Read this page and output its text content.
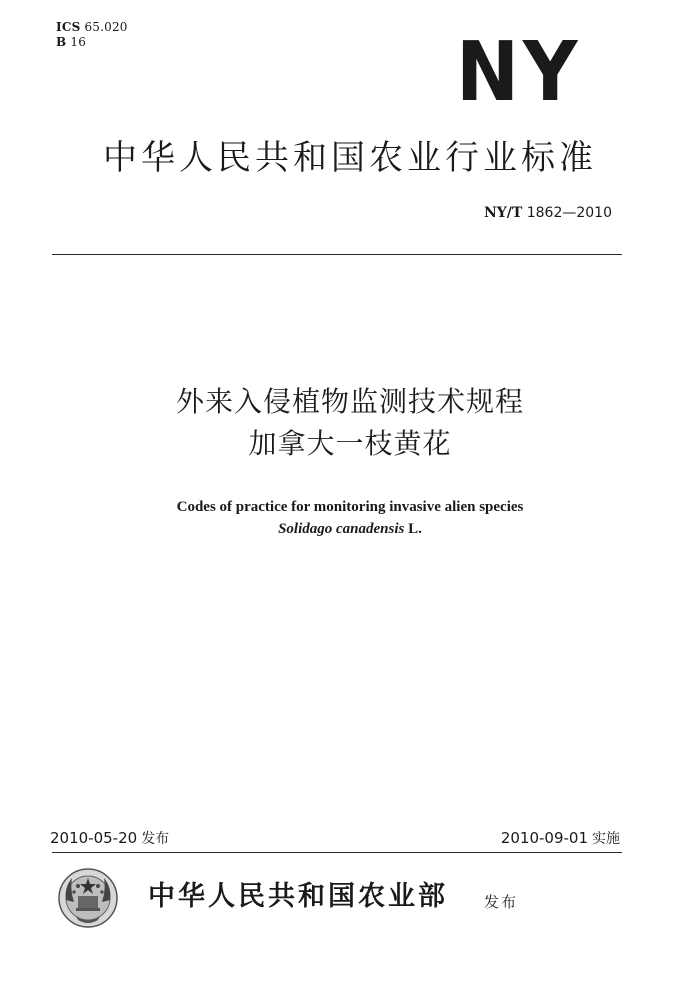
ICS 65.020
B 16	NY
中华人民共和国农业行业标准
NY/T 1862—2010
外来入侵植物监测技术规程
加拿大一枝黄花
Codes of practice for monitoring invasive alien species
Solidago canadensis L.
2010-05-20 发布	2010-09-01 实施
中华人民共和国农业部 发布
